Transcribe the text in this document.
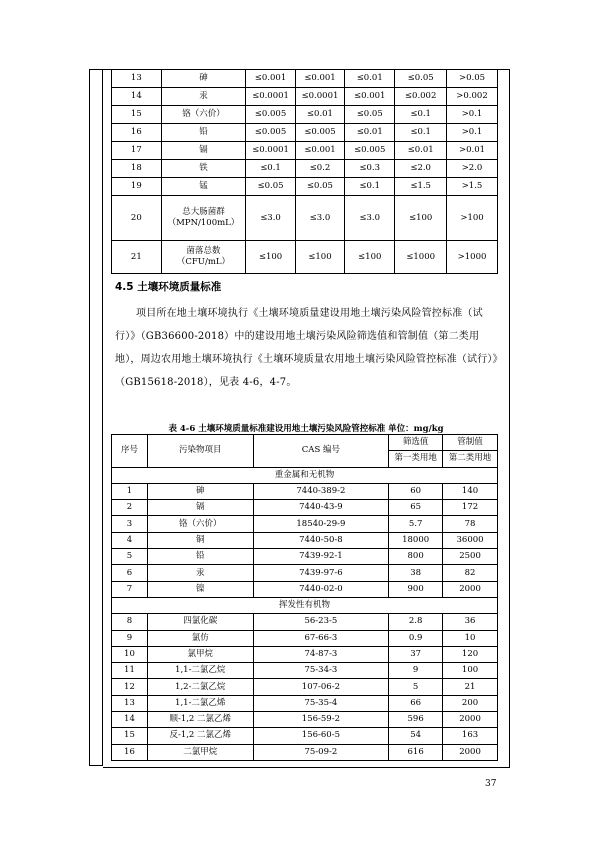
13	砷	≤0.001	≤0.001	≤0.01	≤0.05	>0.05
14	汞	≤0.0001	≤0.0001	≤0.001	≤0.002	>0.002
15	铬（六价）	≤0.005	≤0.01	≤0.05	≤0.1	>0.1
16	铅	≤0.005	≤0.005	≤0.01	≤0.1	>0.1
17	镉	≤0.0001	≤0.001	≤0.005	≤0.01	>0.01
18	铁	≤0.1	≤0.2	≤0.3	≤2.0	>2.0
19	锰	≤0.05	≤0.05	≤0.1	≤1.5	>1.5
20	总大肠菌群（MPN/100mL）	≤3.0	≤3.0	≤3.0	≤100	>100
21	菌落总数（CFU/mL）	≤100	≤100	≤100	≤1000	>1000
4.5 土壤环境质量标准
项目所在地土壤环境执行《土壤环境质量建设用地土壤污染风险管控标准（试行）》（GB36600-2018）中的建设用地土壤污染风险筛选值和管制值（第二类用地），周边农用地土壤环境执行《土壤环境质量农用地土壤污染风险管控标准（试行）》（GB15618-2018），见表 4-6，4-7。
表 4-6 土壤环境质量标准建设用地土壤污染风险管控标准 单位：mg/kg
序号	污染物项目	CAS 编号	筛选值	管制值
			第一类用地	第二类用地
重金属和无机物				
1	砷	7440-389-2	60	140
2	镉	7440-43-9	65	172
3	铬（六价）	18540-29-9	5.7	78
4	铜	7440-50-8	18000	36000
5	铅	7439-92-1	800	2500
6	汞	7439-97-6	38	82
7	镍	7440-02-0	900	2000
挥发性有机物				
8	四氯化碳	56-23-5	2.8	36
9	氯仿	67-66-3	0.9	10
10	氯甲烷	74-87-3	37	120
11	1,1-二氯乙烷	75-34-3	9	100
12	1,2-二氯乙烷	107-06-2	5	21
13	1,1-二氯乙烯	75-35-4	66	200
14	顺-1,2 二氯乙烯	156-59-2	596	2000
15	反-1,2 二氯乙烯	156-60-5	54	163
16	二氯甲烷	75-09-2	616	2000
37
